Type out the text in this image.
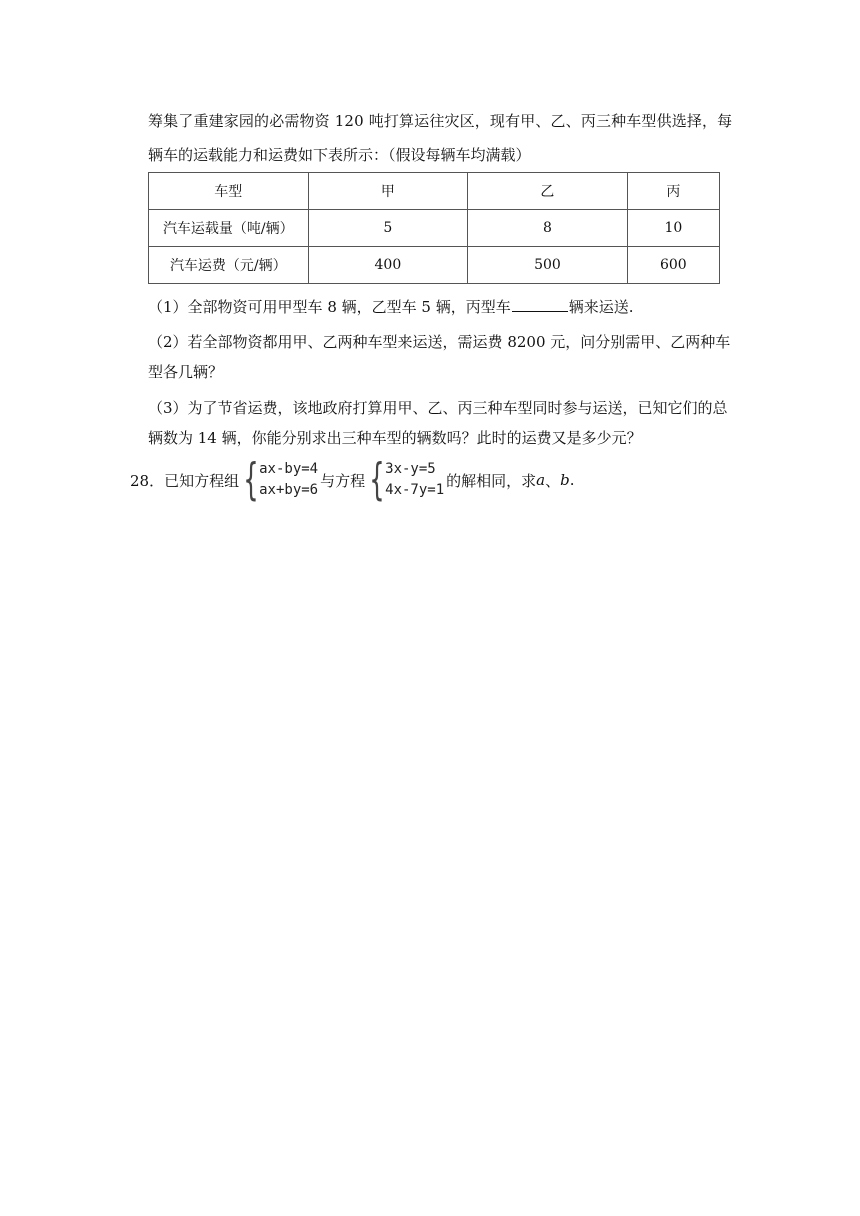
筹集了重建家园的必需物资 120 吨打算运往灾区，现有甲、乙、丙三种车型供选择，每
辆车的运载能力和运费如下表所示：（假设每辆车均满载）
车型	甲	乙	丙
汽车运载量（吨/辆）	5	8	10
汽车运费（元/辆）	400	500	600
（1）全部物资可用甲型车 8 辆，乙型车 5 辆，丙型车	辆来运送.
（2）若全部物资都用甲、乙两种车型来运送，需运费 8200 元，问分别需甲、乙两种车
型各几辆？
（3）为了节省运费，该地政府打算用甲、乙、丙三种车型同时参与运送，已知它们的总
辆数为 14 辆，你能分别求出三种车型的辆数吗？此时的运费又是多少元？
28． 已知方程组 { ax-by=4
ax+by=6
与方程 { 3x-y=5
4x-7y=1
的解相同，求 a 、 b .
